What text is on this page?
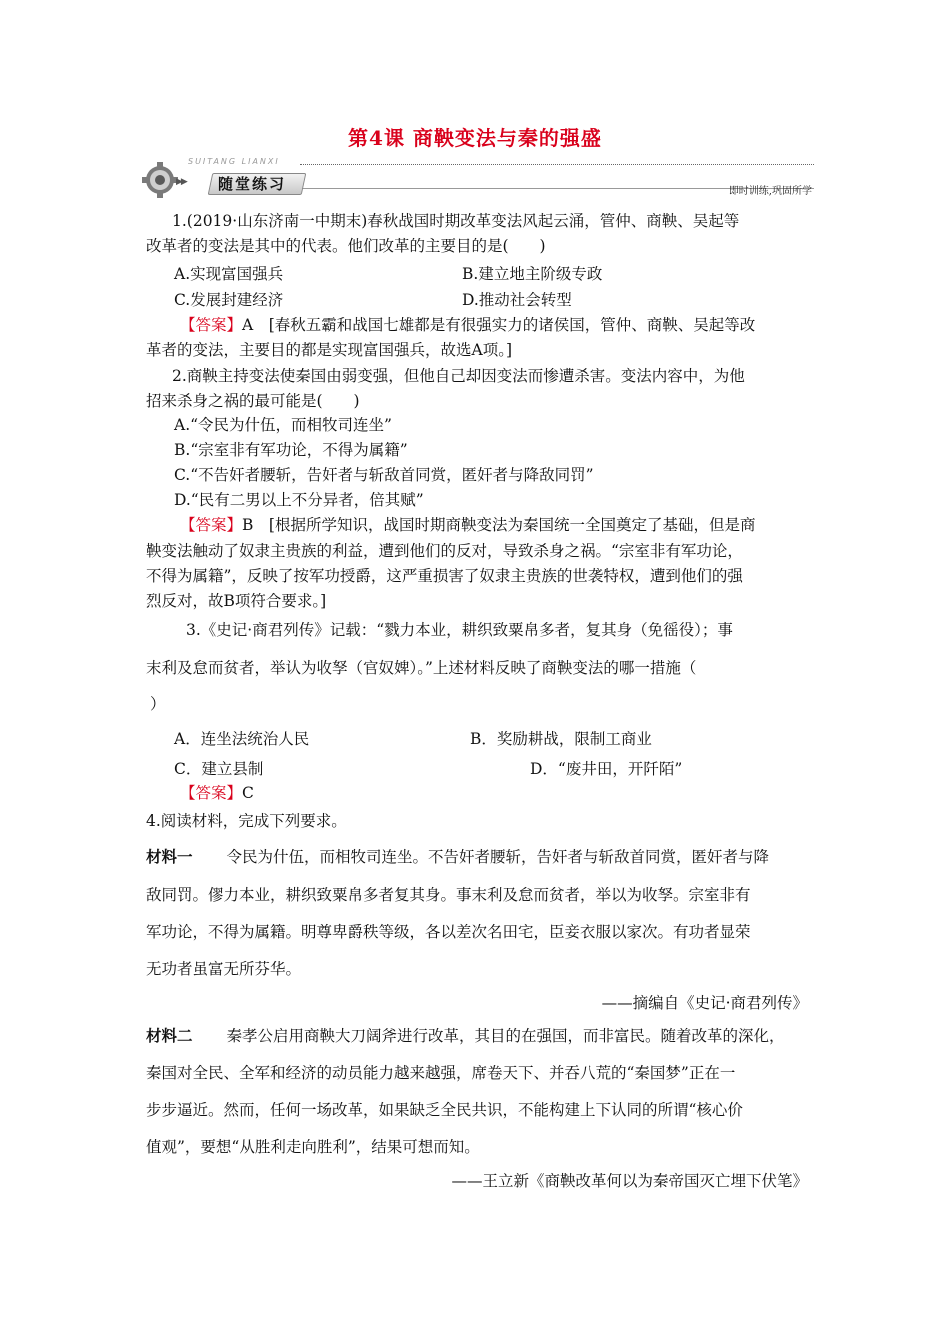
第4课 商鞅变法与秦的强盛
SUITANG LIANXI
▶▶ 随堂练习	即时训练,巩固所学
1.(2019·山东济南一中期末)春秋战国时期改革变法风起云涌，管仲、商鞅、吴起等
改革者的变法是其中的代表。他们改革的主要目的是(　　)
A.实现富国强兵	B.建立地主阶级专政
C.发展封建经济	D.推动社会转型
【答案】A　[春秋五霸和战国七雄都是有很强实力的诸侯国，管仲、商鞅、吴起等改
革者的变法，主要目的都是实现富国强兵，故选A项。]
2.商鞅主持变法使秦国由弱变强，但他自己却因变法而惨遭杀害。变法内容中，为他
招来杀身之祸的最可能是(　　)
A.“令民为什伍，而相牧司连坐”
B.“宗室非有军功论，不得为属籍”
C.“不告奸者腰斩，告奸者与斩敌首同赏，匿奸者与降敌同罚”
D.“民有二男以上不分异者，倍其赋”
【答案】B　[根据所学知识，战国时期商鞅变法为秦国统一全国奠定了基础，但是商
鞅变法触动了奴隶主贵族的利益，遭到他们的反对，导致杀身之祸。“宗室非有军功论，
不得为属籍”，反映了按军功授爵，这严重损害了奴隶主贵族的世袭特权，遭到他们的强
烈反对，故B项符合要求。]
3.《史记·商君列传》记载：“戮力本业，耕织致粟帛多者，复其身（免徭役）；事
末利及怠而贫者，举认为收孥（官奴婢）。”上述材料反映了商鞅变法的哪一措施（
）
A．连坐法统治人民	B．奖励耕战，限制工商业
C．建立县制	D．“废井田，开阡陌”
【答案】C
4.阅读材料，完成下列要求。
材料一 令民为什伍，而相牧司连坐。不告奸者腰斩，告奸者与斩敌首同赏，匿奸者与降
敌同罚。僇力本业，耕织致粟帛多者复其身。事末利及怠而贫者，举以为收孥。宗室非有
军功论，不得为属籍。明尊卑爵秩等级，各以差次名田宅，臣妾衣服以家次。有功者显荣
无功者虽富无所芬华。
——摘编自《史记·商君列传》
材料二 秦孝公启用商鞅大刀阔斧进行改革，其目的在强国，而非富民。随着改革的深化，
秦国对全民、全军和经济的动员能力越来越强，席卷天下、并吞八荒的“秦国梦”正在一
步步逼近。然而，任何一场改革，如果缺乏全民共识，不能构建上下认同的所谓“核心价
值观”，要想“从胜利走向胜利”，结果可想而知。
——王立新《商鞅改革何以为秦帝国灭亡埋下伏笔》
